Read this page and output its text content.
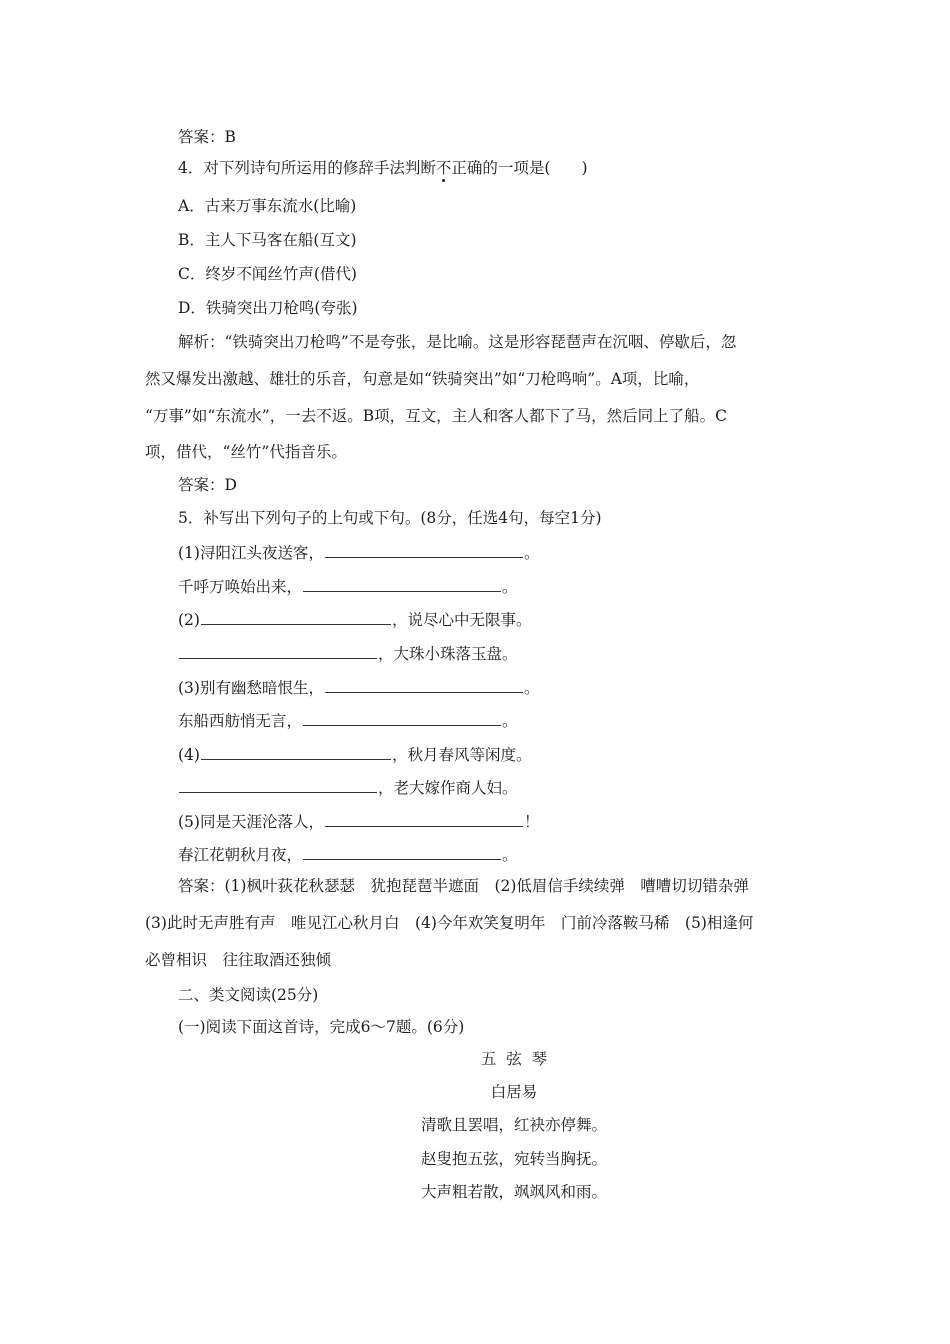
答案：B
4．对下列诗句所运用的修辞手法判断不正确的一项是(　　)
A．古来万事东流水(比喻)
B．主人下马客在船(互文)
C．终岁不闻丝竹声(借代)
D．铁骑突出刀枪鸣(夸张)
解析：“铁骑突出刀枪鸣”不是夸张，是比喻。这是形容琵琶声在沉咽、停歇后，忽
然又爆发出激越、雄壮的乐音，句意是如“铁骑突出”如“刀枪鸣响”。A项，比喻，
“万事”如“东流水”，一去不返。B项，互文，主人和客人都下了马，然后同上了船。C
项，借代，“丝竹”代指音乐。
答案：D
5．补写出下列句子的上句或下句。(8分，任选4句，每空1分)
(1)浔阳江头夜送客，	。
千呼万唤始出来，	。
(2)	，说尽心中无限事。
，大珠小珠落玉盘。
(3)别有幽愁暗恨生，	。
东船西舫悄无言，	。
(4)	，秋月春风等闲度。
，老大嫁作商人妇。
(5)同是天涯沦落人，	！
春江花朝秋月夜，	。
答案：(1)枫叶荻花秋瑟瑟　犹抱琵琶半遮面　(2)低眉信手续续弹　嘈嘈切切错杂弹
(3)此时无声胜有声　唯见江心秋月白　(4)今年欢笑复明年　门前冷落鞍马稀　(5)相逢何
必曾相识　往往取酒还独倾
二、类文阅读(25分)
(一)阅读下面这首诗，完成6～7题。(6分)
五  弦  琴
白居易
清歌且罢唱，红袂亦停舞。
赵叟抱五弦，宛转当胸抚。
大声粗若散，飒飒风和雨。
